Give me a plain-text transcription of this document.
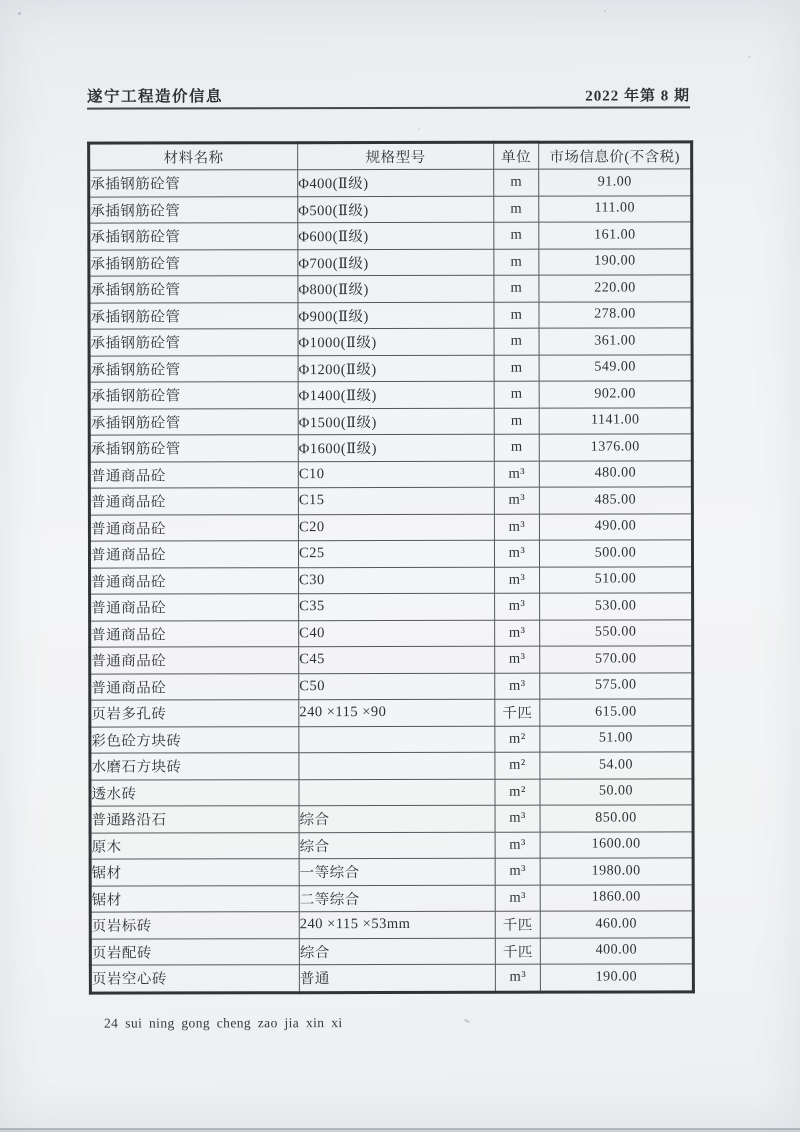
遂宁工程造价信息	2022 年第 8 期
材料名称	规格型号	单位	市场信息价(不含税)
承插钢筋砼管	Φ400(Ⅱ级)	m	91.00
承插钢筋砼管	Φ500(Ⅱ级)	m	111.00
承插钢筋砼管	Φ600(Ⅱ级)	m	161.00
承插钢筋砼管	Φ700(Ⅱ级)	m	190.00
承插钢筋砼管	Φ800(Ⅱ级)	m	220.00
承插钢筋砼管	Φ900(Ⅱ级)	m	278.00
承插钢筋砼管	Φ1000(Ⅱ级)	m	361.00
承插钢筋砼管	Φ1200(Ⅱ级)	m	549.00
承插钢筋砼管	Φ1400(Ⅱ级)	m	902.00
承插钢筋砼管	Φ1500(Ⅱ级)	m	1141.00
承插钢筋砼管	Φ1600(Ⅱ级)	m	1376.00
普通商品砼	C10	m³	480.00
普通商品砼	C15	m³	485.00
普通商品砼	C20	m³	490.00
普通商品砼	C25	m³	500.00
普通商品砼	C30	m³	510.00
普通商品砼	C35	m³	530.00
普通商品砼	C40	m³	550.00
普通商品砼	C45	m³	570.00
普通商品砼	C50	m³	575.00
页岩多孔砖	240 ×115 ×90	千匹	615.00
彩色砼方块砖		m²	51.00
水磨石方块砖		m²	54.00
透水砖		m²	50.00
普通路沿石	综合	m³	850.00
原木	综合	m³	1600.00
锯材	一等综合	m³	1980.00
锯材	二等综合	m³	1860.00
页岩标砖	240 ×115 ×53mm	千匹	460.00
页岩配砖	综合	千匹	400.00
页岩空心砖	普通	m³	190.00
24 sui ning gong cheng zao jia xin xi
